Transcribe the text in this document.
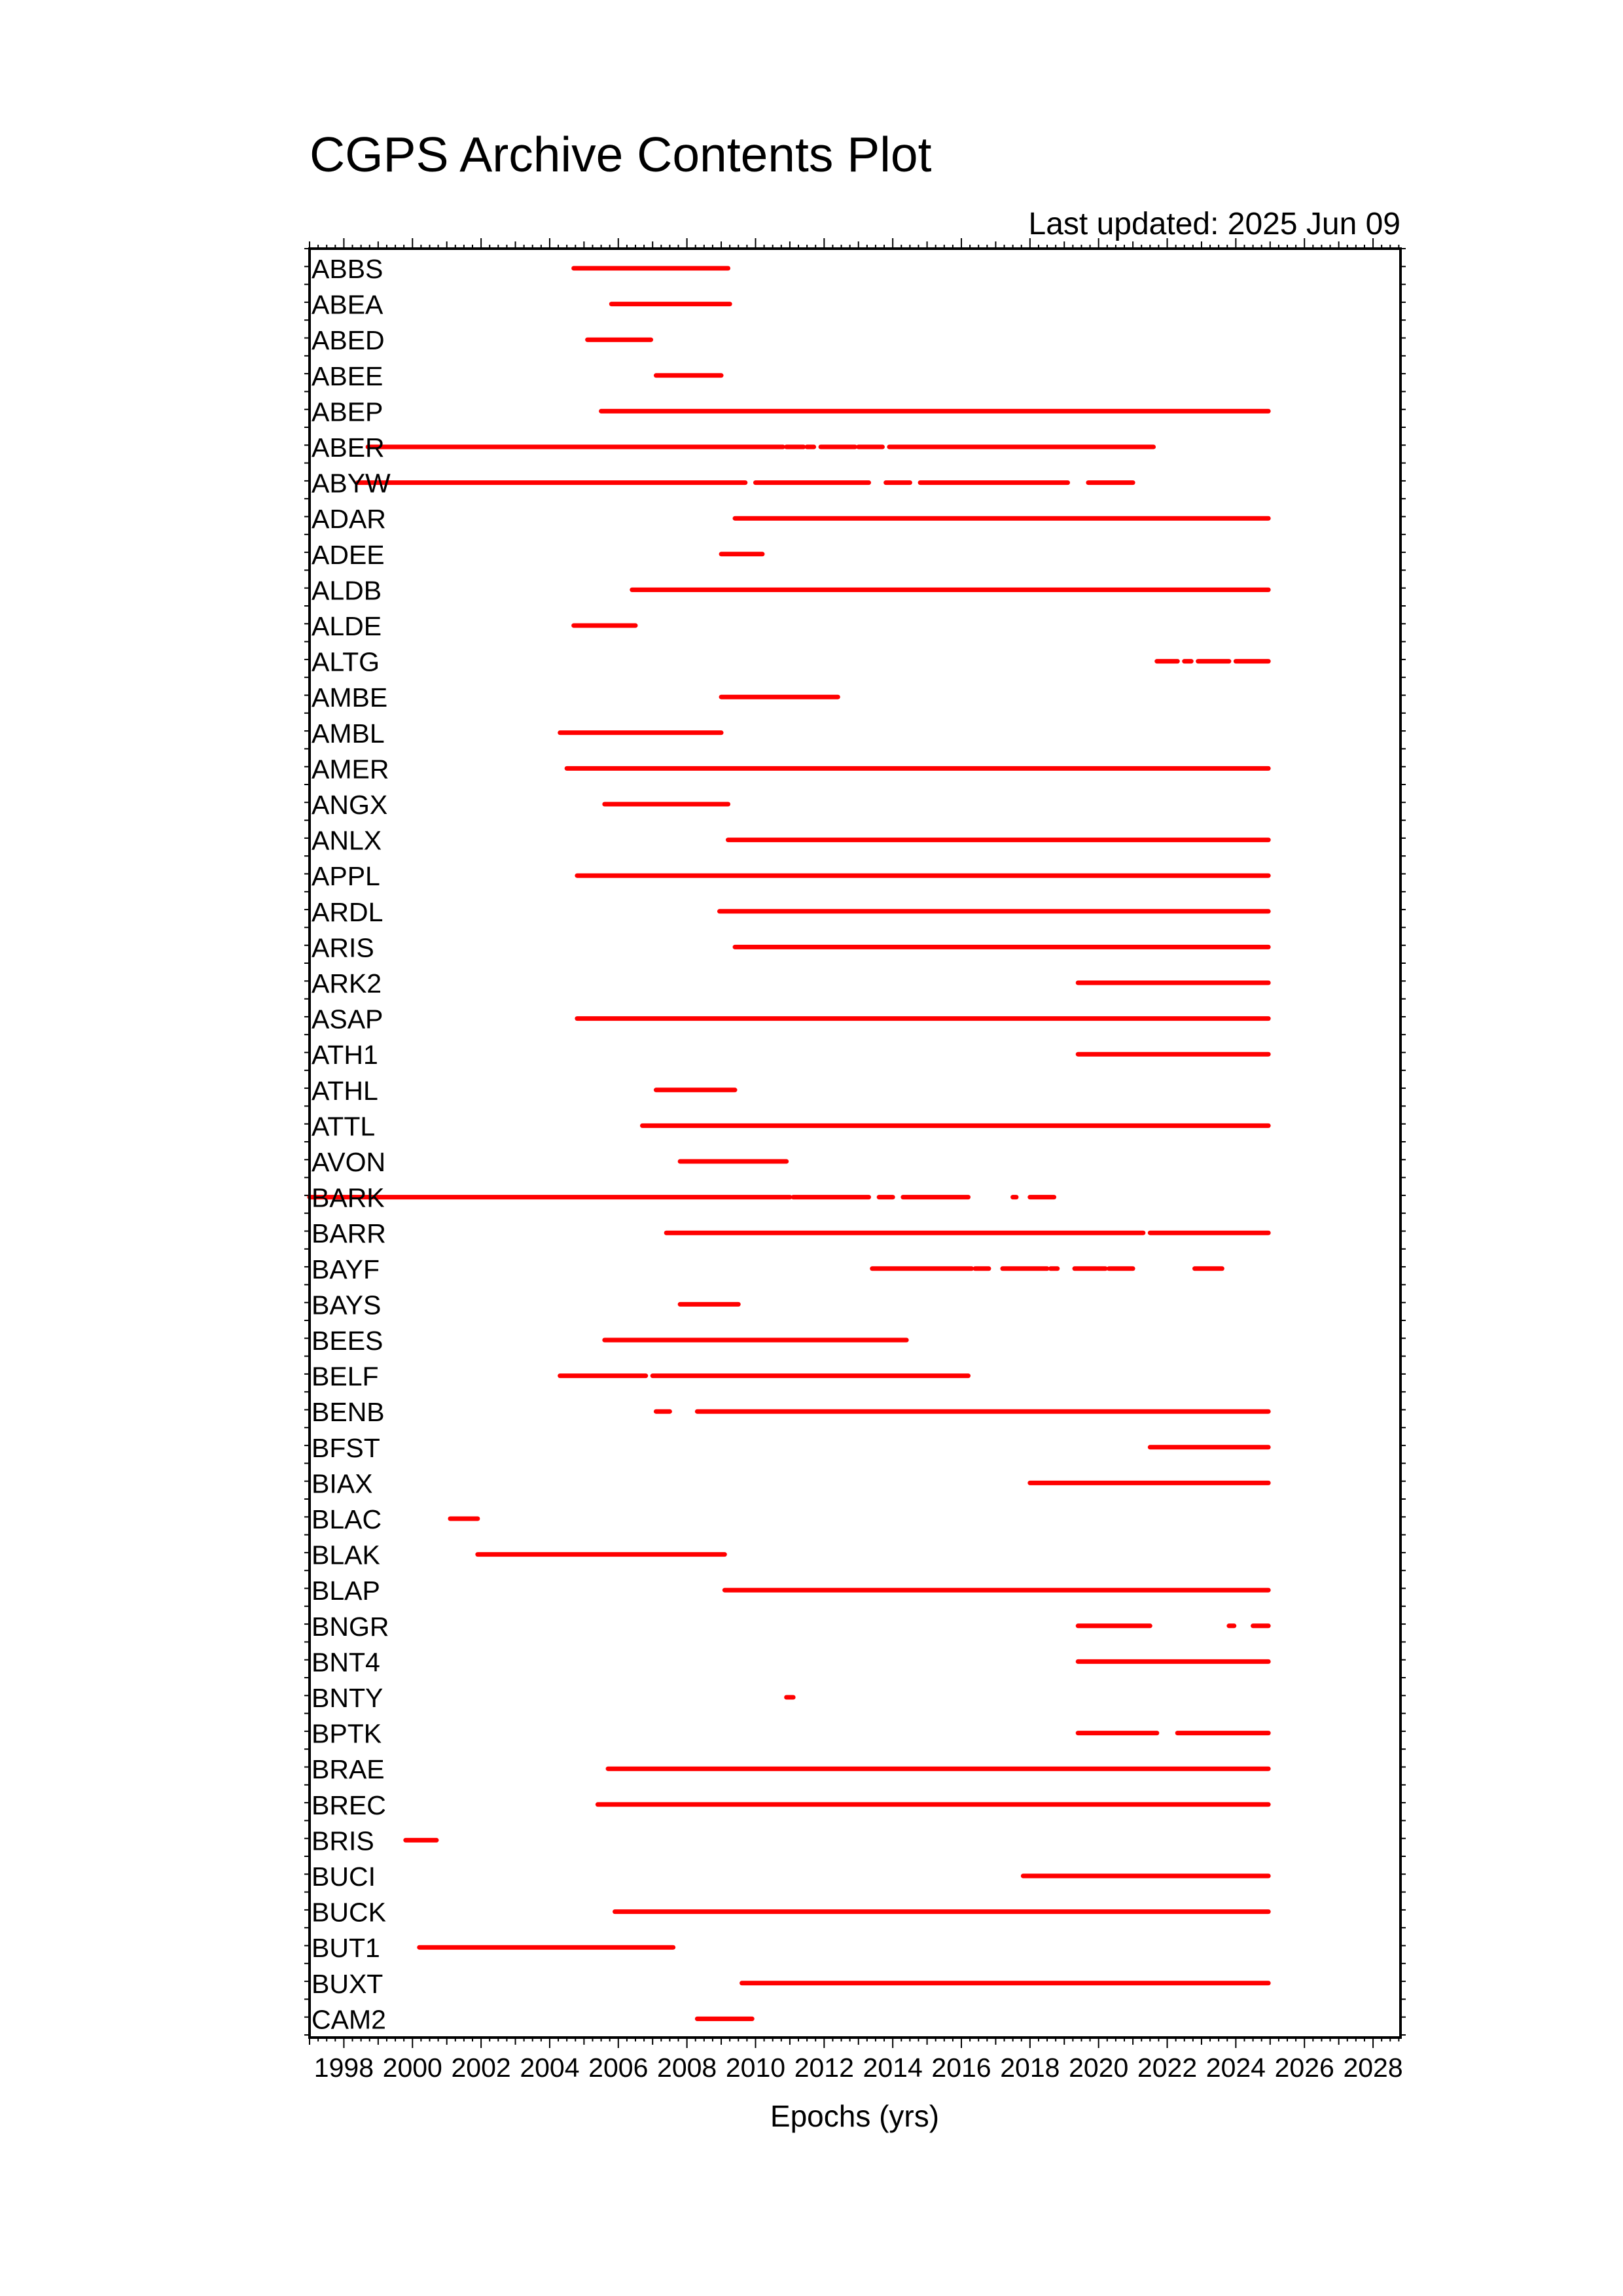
CGPS Archive Contents Plot
Last updated: 2025 Jun 09
ABBS
ABEA
ABED
ABEE
ABEP
ABER
ABYW
ADAR
ADEE
ALDB
ALDE
ALTG
AMBE
AMBL
AMER
ANGX
ANLX
APPL
ARDL
ARIS
ARK2
ASAP
ATH1
ATHL
ATTL
AVON
BARK
BARR
BAYF
BAYS
BEES
BELF
BENB
BFST
BIAX
BLAC
BLAK
BLAP
BNGR
BNT4
BNTY
BPTK
BRAE
BREC
BRIS
BUCI
BUCK
BUT1
BUXT
CAM2
1998 2000 2002 2004 2006 2008 2010 2012 2014 2016 2018 2020 2022 2024 2026 2028
Epochs (yrs)
